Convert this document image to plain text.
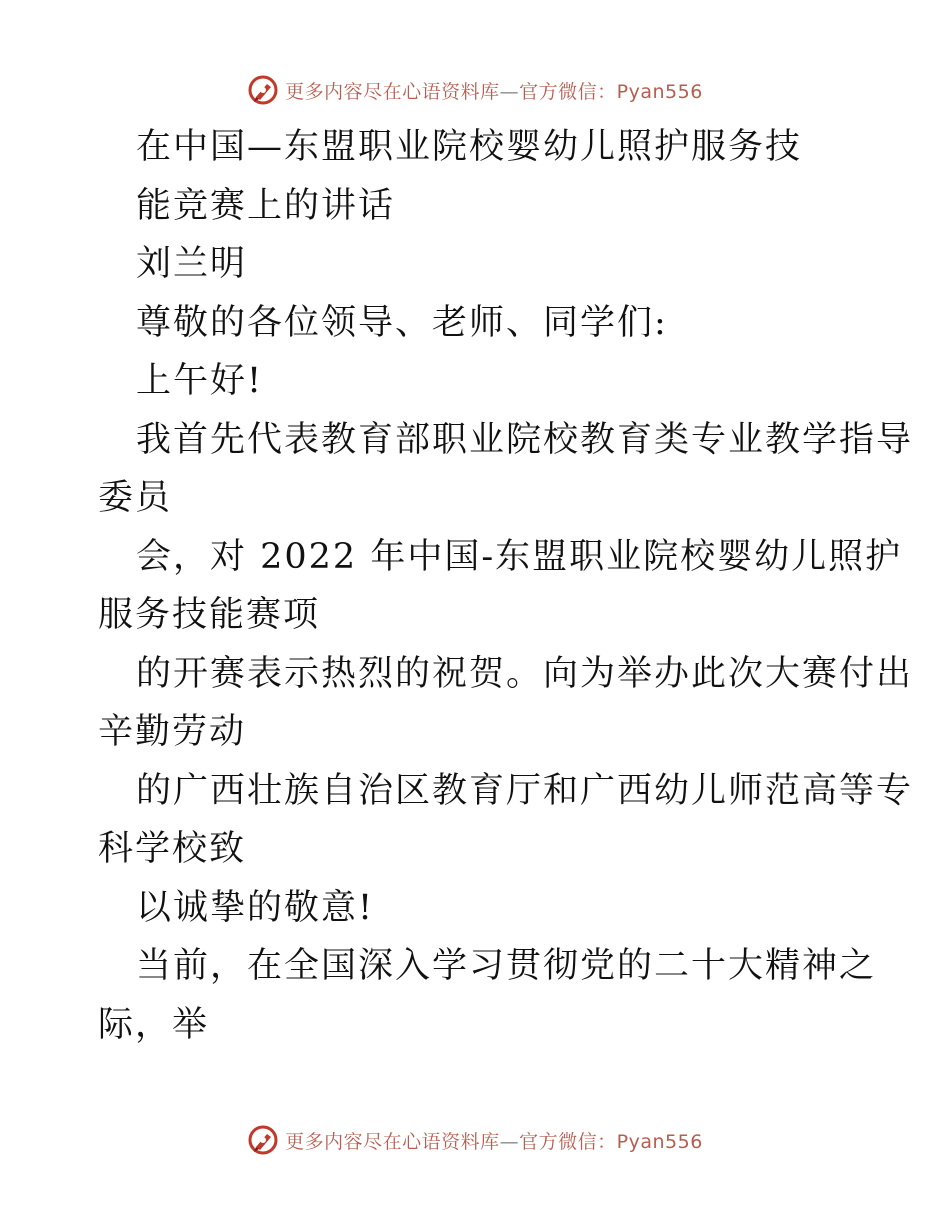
更多内容尽在心语资料库—官方微信：Pyan556
在中国—东盟职业院校婴幼儿照护服务技
能竞赛上的讲话
刘兰明
尊敬的各位领导、老师、同学们:
上午好!
我首先代表教育部职业院校教育类专业教学指导
委员
会，对 2022 年中国-东盟职业院校婴幼儿照护
服务技能赛项
的开赛表示热烈的祝贺。向为举办此次大赛付出
辛勤劳动
的广西壮族自治区教育厅和广西幼儿师范高等专
科学校致
以诚挚的敬意!
当前，在全国深入学习贯彻党的二十大精神之
际，举
更多内容尽在心语资料库—官方微信：Pyan556
